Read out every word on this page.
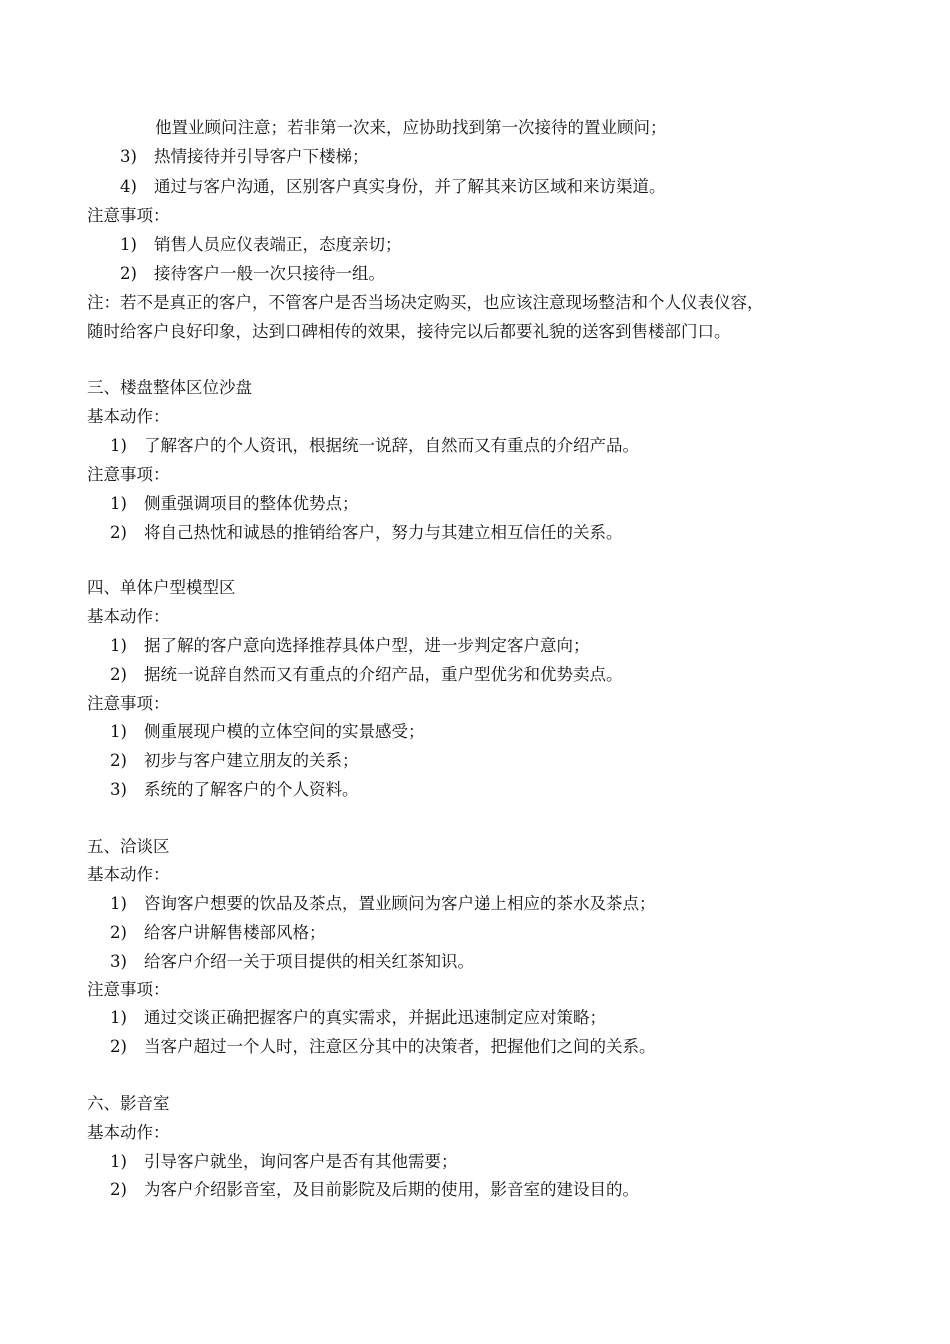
他置业顾问注意；若非第一次来，应协助找到第一次接待的置业顾问；
3) 热情接待并引导客户下楼梯；
4) 通过与客户沟通，区别客户真实身份，并了解其来访区域和来访渠道。
注意事项：
1) 销售人员应仪表端正，态度亲切；
2) 接待客户一般一次只接待一组。
注：若不是真正的客户，不管客户是否当场决定购买，也应该注意现场整洁和个人仪表仪容，
随时给客户良好印象，达到口碑相传的效果，接待完以后都要礼貌的送客到售楼部门口。
三、楼盘整体区位沙盘
基本动作：
1) 了解客户的个人资讯，根据统一说辞，自然而又有重点的介绍产品。
注意事项：
1) 侧重强调项目的整体优势点；
2) 将自己热忱和诚恳的推销给客户，努力与其建立相互信任的关系。
四、单体户型模型区
基本动作：
1) 据了解的客户意向选择推荐具体户型，进一步判定客户意向；
2) 据统一说辞自然而又有重点的介绍产品，重户型优劣和优势卖点。
注意事项：
1) 侧重展现户模的立体空间的实景感受；
2) 初步与客户建立朋友的关系；
3) 系统的了解客户的个人资料。
五、洽谈区
基本动作：
1) 咨询客户想要的饮品及茶点，置业顾问为客户递上相应的茶水及茶点；
2) 给客户讲解售楼部风格；
3) 给客户介绍一关于项目提供的相关红茶知识。
注意事项：
1) 通过交谈正确把握客户的真实需求，并据此迅速制定应对策略；
2) 当客户超过一个人时，注意区分其中的决策者，把握他们之间的关系。
六、影音室
基本动作：
1) 引导客户就坐，询问客户是否有其他需要；
2) 为客户介绍影音室，及目前影院及后期的使用，影音室的建设目的。
